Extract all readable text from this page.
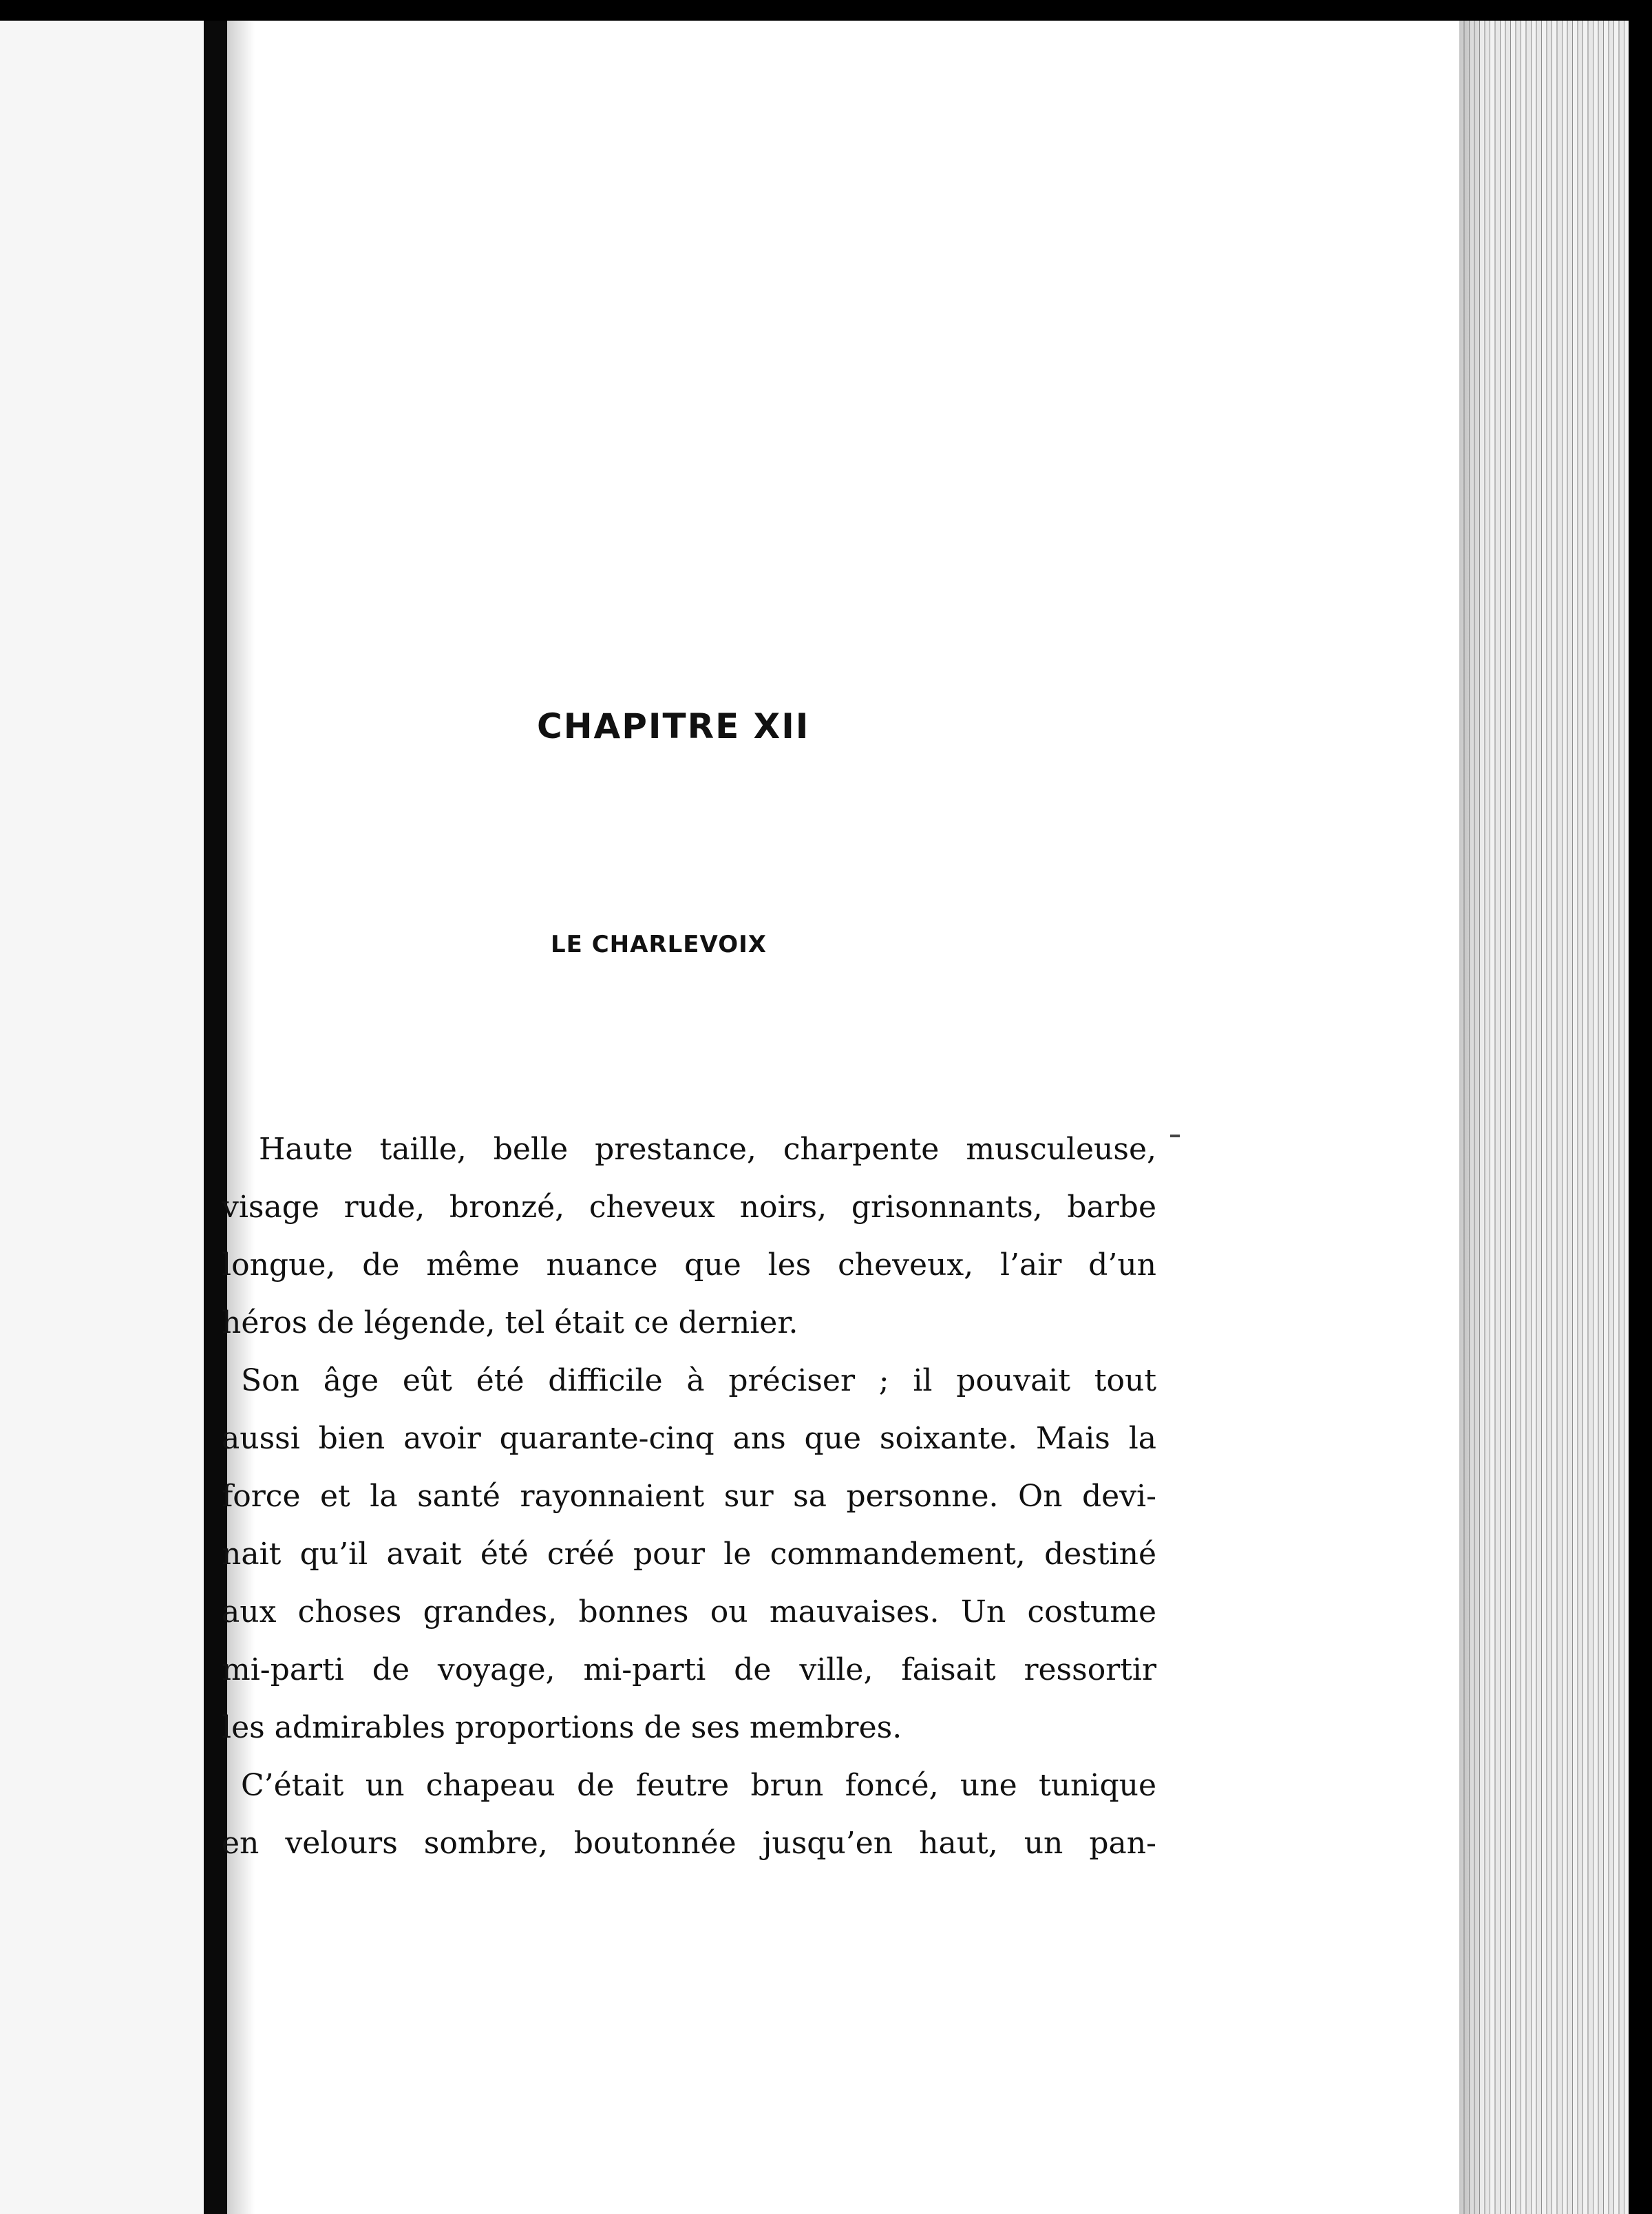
CHAPITRE XII
LE CHARLEVOIX
Haute taille, belle prestance, charpente musculeuse,
visage rude, bronzé, cheveux noirs, grisonnants, barbe
longue, de même nuance que les cheveux, l’air d’un
héros de légende, tel était ce dernier.
Son âge eût été difficile à préciser ; il pouvait tout
aussi bien avoir quarante-cinq ans que soixante. Mais la
force et la santé rayonnaient sur sa personne. On devi-
nait qu’il avait été créé pour le commandement, destiné
aux choses grandes, bonnes ou mauvaises. Un costume
mi-parti de voyage, mi-parti de ville, faisait ressortir
les admirables proportions de ses membres.
C’était un chapeau de feutre brun foncé, une tunique
en velours sombre, boutonnée jusqu’en haut, un pan-
